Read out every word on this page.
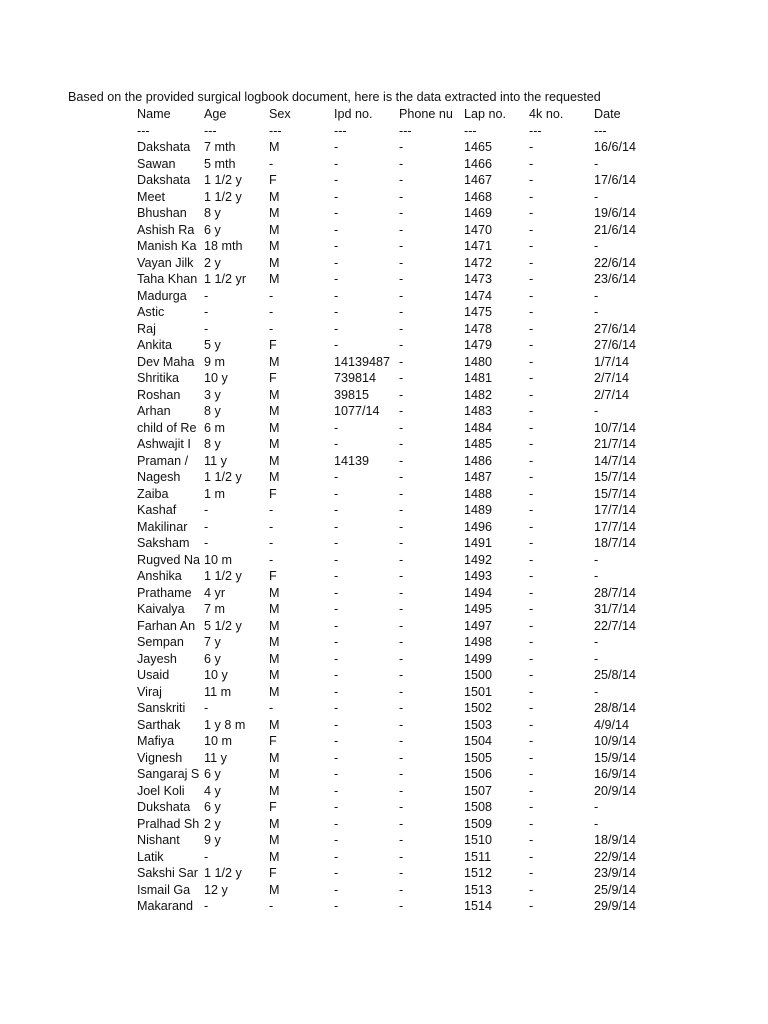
Based on the provided surgical logbook document, here is the data extracted into the requested
Name	Age	Sex	Ipd no.	Phone nu	Lap no.	4k no.	Date
---	---	---	---	---	---	---	---
Dakshata	7 mth	M	-	-	1465	-	16/6/14
Sawan	5 mth	-	-	-	1466	-	-
Dakshata	1 1/2 y	F	-	-	1467	-	17/6/14
Meet	1 1/2 y	M	-	-	1468	-	-
Bhushan	8 y	M	-	-	1469	-	19/6/14
Ashish Ra	6 y	M	-	-	1470	-	21/6/14
Manish Ka	18 mth	M	-	-	1471	-	-
Vayan Jilk	2 y	M	-	-	1472	-	22/6/14
Taha Khan	1 1/2 yr	M	-	-	1473	-	23/6/14
Madurga	-	-	-	-	1474	-	-
Astic	-	-	-	-	1475	-	-
Raj	-	-	-	-	1478	-	27/6/14
Ankita	5 y	F	-	-	1479	-	27/6/14
Dev Maha	9 m	M	14139487	-	1480	-	1/7/14
Shritika	10 y	F	739814	-	1481	-	2/7/14
Roshan	3 y	M	39815	-	1482	-	2/7/14
Arhan	8 y	M	1077/14	-	1483	-	-
child of Re	6 m	M	-	-	1484	-	10/7/14
Ashwajit I	8 y	M	-	-	1485	-	21/7/14
Praman /	11 y	M	14139	-	1486	-	14/7/14
Nagesh	1 1/2 y	M	-	-	1487	-	15/7/14
Zaiba	1 m	F	-	-	1488	-	15/7/14
Kashaf	-	-	-	-	1489	-	17/7/14
Makilinar	-	-	-	-	1496	-	17/7/14
Saksham	-	-	-	-	1491	-	18/7/14
Rugved Na	10 m	-	-	-	1492	-	-
Anshika	1 1/2 y	F	-	-	1493	-	-
Prathame	4 yr	M	-	-	1494	-	28/7/14
Kaivalya	7 m	M	-	-	1495	-	31/7/14
Farhan An	5 1/2 y	M	-	-	1497	-	22/7/14
Sempan	7 y	M	-	-	1498	-	-
Jayesh	6 y	M	-	-	1499	-	-
Usaid	10 y	M	-	-	1500	-	25/8/14
Viraj	11 m	M	-	-	1501	-	-
Sanskriti	-	-	-	-	1502	-	28/8/14
Sarthak	1 y 8 m	M	-	-	1503	-	4/9/14
Mafiya	10 m	F	-	-	1504	-	10/9/14
Vignesh	11 y	M	-	-	1505	-	15/9/14
Sangaraj S	6 y	M	-	-	1506	-	16/9/14
Joel Koli	4 y	M	-	-	1507	-	20/9/14
Dukshata	6 y	F	-	-	1508	-	-
Pralhad Sh	2 y	M	-	-	1509	-	-
Nishant	9 y	M	-	-	1510	-	18/9/14
Latik	-	M	-	-	1511	-	22/9/14
Sakshi Sar	1 1/2 y	F	-	-	1512	-	23/9/14
Ismail Ga	12 y	M	-	-	1513	-	25/9/14
Makarand	-	-	-	-	1514	-	29/9/14
